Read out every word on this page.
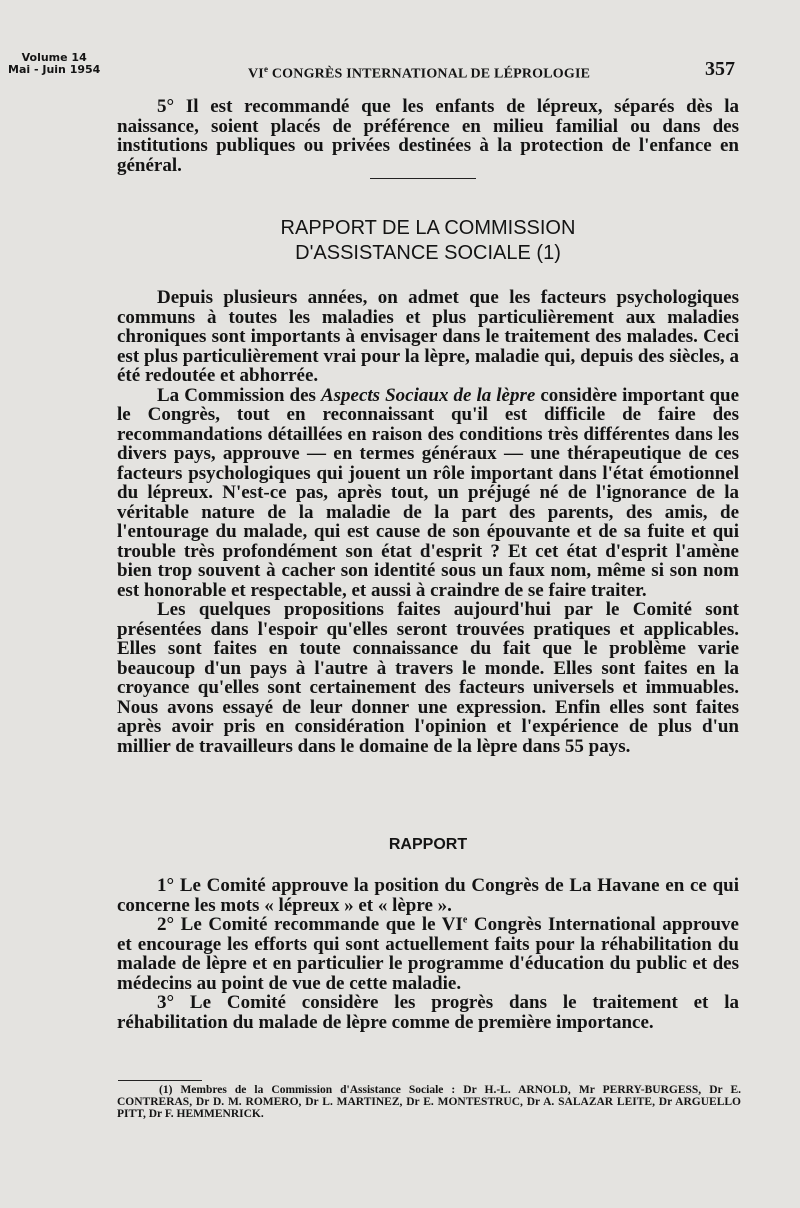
Volume 14
Mai - Juin 1954	VIe CONGRÈS INTERNATIONAL DE LÉPROLOGIE	357

5° Il est recommandé que les enfants de lépreux, séparés dès la naissance, soient placés de préférence en milieu familial ou dans des institutions publiques ou privées destinées à la protection de l'enfance en général.

RAPPORT DE LA COMMISSION
D'ASSISTANCE SOCIALE (1)

Depuis plusieurs années, on admet que les facteurs psychologiques communs à toutes les maladies et plus particulièrement aux maladies chroniques sont importants à envisager dans le traitement des malades. Ceci est plus particulièrement vrai pour la lèpre, maladie qui, depuis des siècles, a été redoutée et abhorrée.

La Commission des Aspects Sociaux de la lèpre considère important que le Congrès, tout en reconnaissant qu'il est difficile de faire des recommandations détaillées en raison des conditions très différentes dans les divers pays, approuve — en termes généraux — une thérapeutique de ces facteurs psychologiques qui jouent un rôle important dans l'état émotionnel du lépreux. N'est-ce pas, après tout, un préjugé né de l'ignorance de la véritable nature de la maladie de la part des parents, des amis, de l'entourage du malade, qui est cause de son épouvante et de sa fuite et qui trouble très profondément son état d'esprit ? Et cet état d'esprit l'amène bien trop souvent à cacher son identité sous un faux nom, même si son nom est honorable et respectable, et aussi à craindre de se faire traiter.

Les quelques propositions faites aujourd'hui par le Comité sont présentées dans l'espoir qu'elles seront trouvées pratiques et applicables. Elles sont faites en toute connaissance du fait que le problème varie beaucoup d'un pays à l'autre à travers le monde. Elles sont faites en la croyance qu'elles sont certainement des facteurs universels et immuables. Nous avons essayé de leur donner une expression. Enfin elles sont faites après avoir pris en considération l'opinion et l'expérience de plus d'un millier de travailleurs dans le domaine de la lèpre dans 55 pays.

RAPPORT

1° Le Comité approuve la position du Congrès de La Havane en ce qui concerne les mots « lépreux » et « lèpre ».

2° Le Comité recommande que le VIe Congrès International approuve et encourage les efforts qui sont actuellement faits pour la réhabilitation du malade de lèpre et en particulier le programme d'éducation du public et des médecins au point de vue de cette maladie.

3° Le Comité considère les progrès dans le traitement et la réhabilitation du malade de lèpre comme de première importance.

(1) Membres de la Commission d'Assistance Sociale : Dr H.-L. ARNOLD, Mr PERRY-BURGESS, Dr E. CONTRERAS, Dr D. M. ROMERO, Dr L. MARTINEZ, Dr E. MONTESTRUC, Dr A. SALAZAR LEITE, Dr ARGUELLO PITT, Dr F. HEMMENRICK.
